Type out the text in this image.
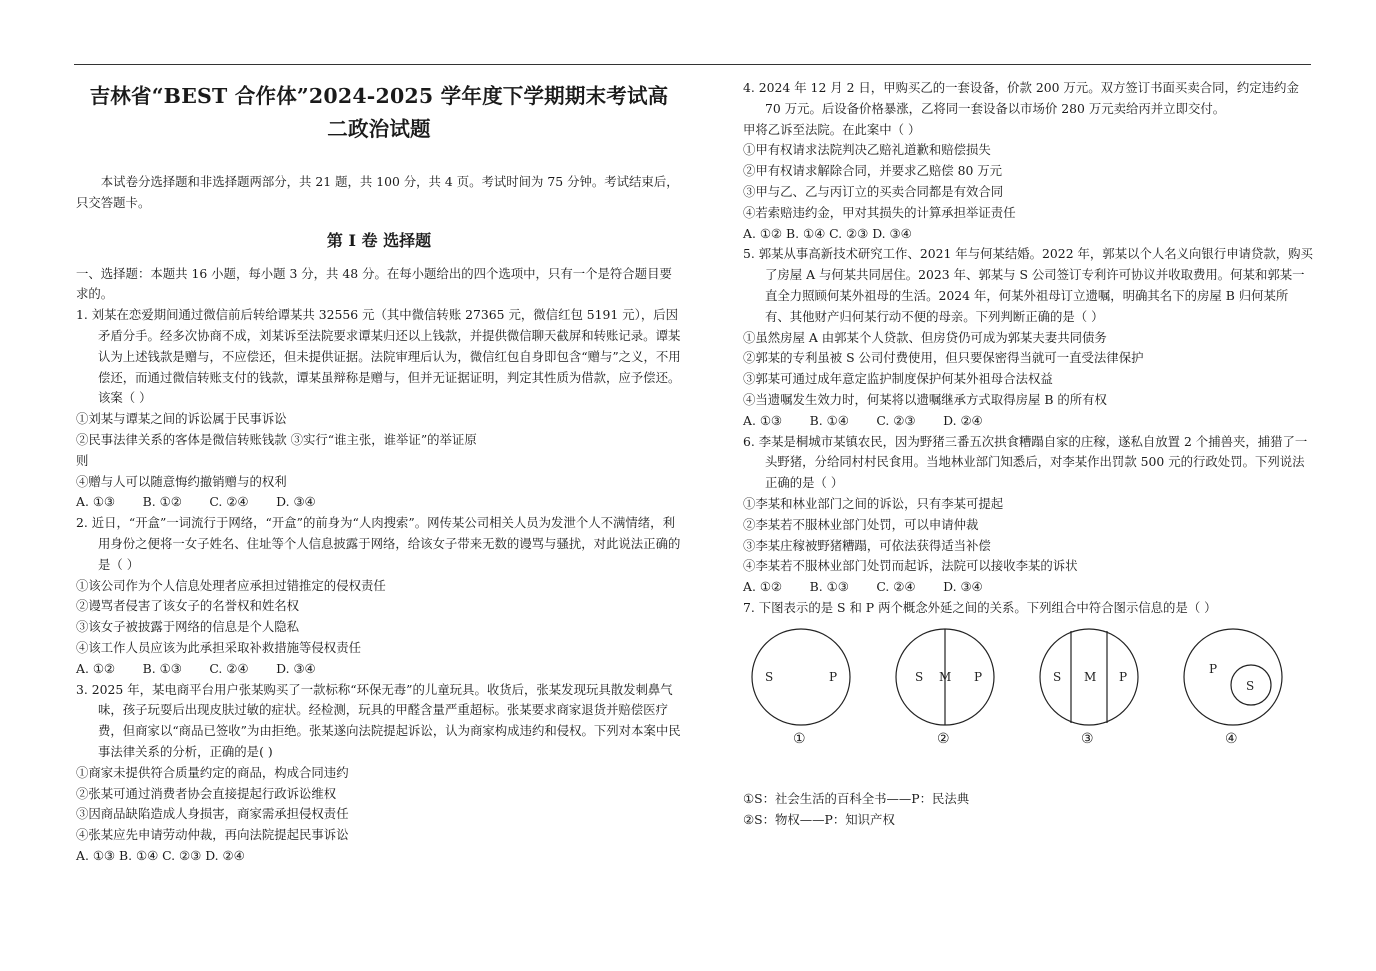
吉林省“BEST 合作体”2024-2025 学年度下学期期末考试高
二政治试题

本试卷分选择题和非选择题两部分，共 21 题，共 100 分，共 4 页。考试时间为 75 分钟。考试结束后，只交答题卡。

第 I 卷 选择题

一、选择题：本题共 16 小题，每小题 3 分，共 48 分。在每小题给出的四个选项中，只有一个是符合题目要求的。

1. 刘某在恋爱期间通过微信前后转给谭某共 32556 元（其中微信转账 27365 元，微信红包 5191 元），后因矛盾分手。经多次协商不成，刘某诉至法院要求谭某归还以上钱款，并提供微信聊天截屏和转账记录。谭某认为上述钱款是赠与，不应偿还，但未提供证据。法院审理后认为，微信红包自身即包含“赠与”之义，不用偿还，而通过微信转账支付的钱款，谭某虽辩称是赠与，但并无证据证明，判定其性质为借款，应予偿还。该案（ ）

①刘某与谭某之间的诉讼属于民事诉讼

②民事法律关系的客体是微信转账钱款 ③实行“谁主张，谁举证”的举证原

则

④赠与人可以随意悔约撤销赠与的权利

A. ①③       B. ①②       C. ②④       D. ③④

2. 近日，“开盒”一词流行于网络，“开盒”的前身为“人肉搜索”。网传某公司相关人员为发泄个人不满情绪，利用身份之便将一女子姓名、住址等个人信息披露于网络，给该女子带来无数的谩骂与骚扰，对此说法正确的是（ ）

①该公司作为个人信息处理者应承担过错推定的侵权责任

②谩骂者侵害了该女子的名誉权和姓名权

③该女子被披露于网络的信息是个人隐私

④该工作人员应该为此承担采取补救措施等侵权责任

A. ①②       B. ①③       C. ②④       D. ③④

3. 2025 年，某电商平台用户张某购买了一款标称“环保无毒”的儿童玩具。收货后，张某发现玩具散发刺鼻气味，孩子玩耍后出现皮肤过敏的症状。经检测，玩具的甲醛含量严重超标。张某要求商家退货并赔偿医疗费，但商家以“商品已签收”为由拒绝。张某遂向法院提起诉讼，认为商家构成违约和侵权。下列对本案中民事法律关系的分析，正确的是( )

①商家未提供符合质量约定的商品，构成合同违约

②张某可通过消费者协会直接提起行政诉讼维权

③因商品缺陷造成人身损害，商家需承担侵权责任

④张某应先申请劳动仲裁，再向法院提起民事诉讼

A. ①③ B. ①④ C. ②③ D. ②④

4. 2024 年 12 月 2 日，甲购买乙的一套设备，价款 200 万元。双方签订书面买卖合同，约定违约金 70 万元。后设备价格暴涨，乙将同一套设备以市场价 280 万元卖给丙并立即交付。

甲将乙诉至法院。在此案中（ ）

①甲有权请求法院判决乙赔礼道歉和赔偿损失

②甲有权请求解除合同，并要求乙赔偿 80 万元

③甲与乙、乙与丙订立的买卖合同都是有效合同

④若索赔违约金，甲对其损失的计算承担举证责任

A. ①② B. ①④ C. ②③ D. ③④

5. 郭某从事高新技术研究工作、2021 年与何某结婚。2022 年，郭某以个人名义向银行申请贷款，购买了房屋 A 与何某共同居住。2023 年、郭某与 S 公司签订专利许可协议并收取费用。何某和郭某一直全力照顾何某外祖母的生活。2024 年，何某外祖母订立遗嘱，明确其名下的房屋 B 归何某所有、其他财产归何某行动不便的母亲。下列判断正确的是（ ）

①虽然房屋 A 由郭某个人贷款、但房贷仍可成为郭某夫妻共同债务

②郭某的专利虽被 S 公司付费使用，但只要保密得当就可一直受法律保护

③郭某可通过成年意定监护制度保护何某外祖母合法权益

④当遗嘱发生效力时，何某将以遗嘱继承方式取得房屋 B 的所有权

A. ①③       B. ①④       C. ②③       D. ②④

6. 李某是桐城市某镇农民，因为野猪三番五次拱食糟蹋自家的庄稼，遂私自放置 2 个捕兽夹，捕猎了一头野猪，分给同村村民食用。当地林业部门知悉后，对李某作出罚款 500 元的行政处罚。下列说法正确的是（ ）

①李某和林业部门之间的诉讼，只有李某可提起

②李某若不服林业部门处罚，可以申请仲裁

③李某庄稼被野猪糟蹋，可依法获得适当补偿

④李某若不服林业部门处罚而起诉，法院可以接收李某的诉状

A. ①②       B. ①③       C. ②④       D. ③④

7. 下图表示的是 S 和 P 两个概念外延之间的关系。下列组合中符合图示信息的是（ ）

S	P
①
S M P
②
S M P
③
P
S
④

①S：社会生活的百科全书——P：民法典

②S：物权——P：知识产权
